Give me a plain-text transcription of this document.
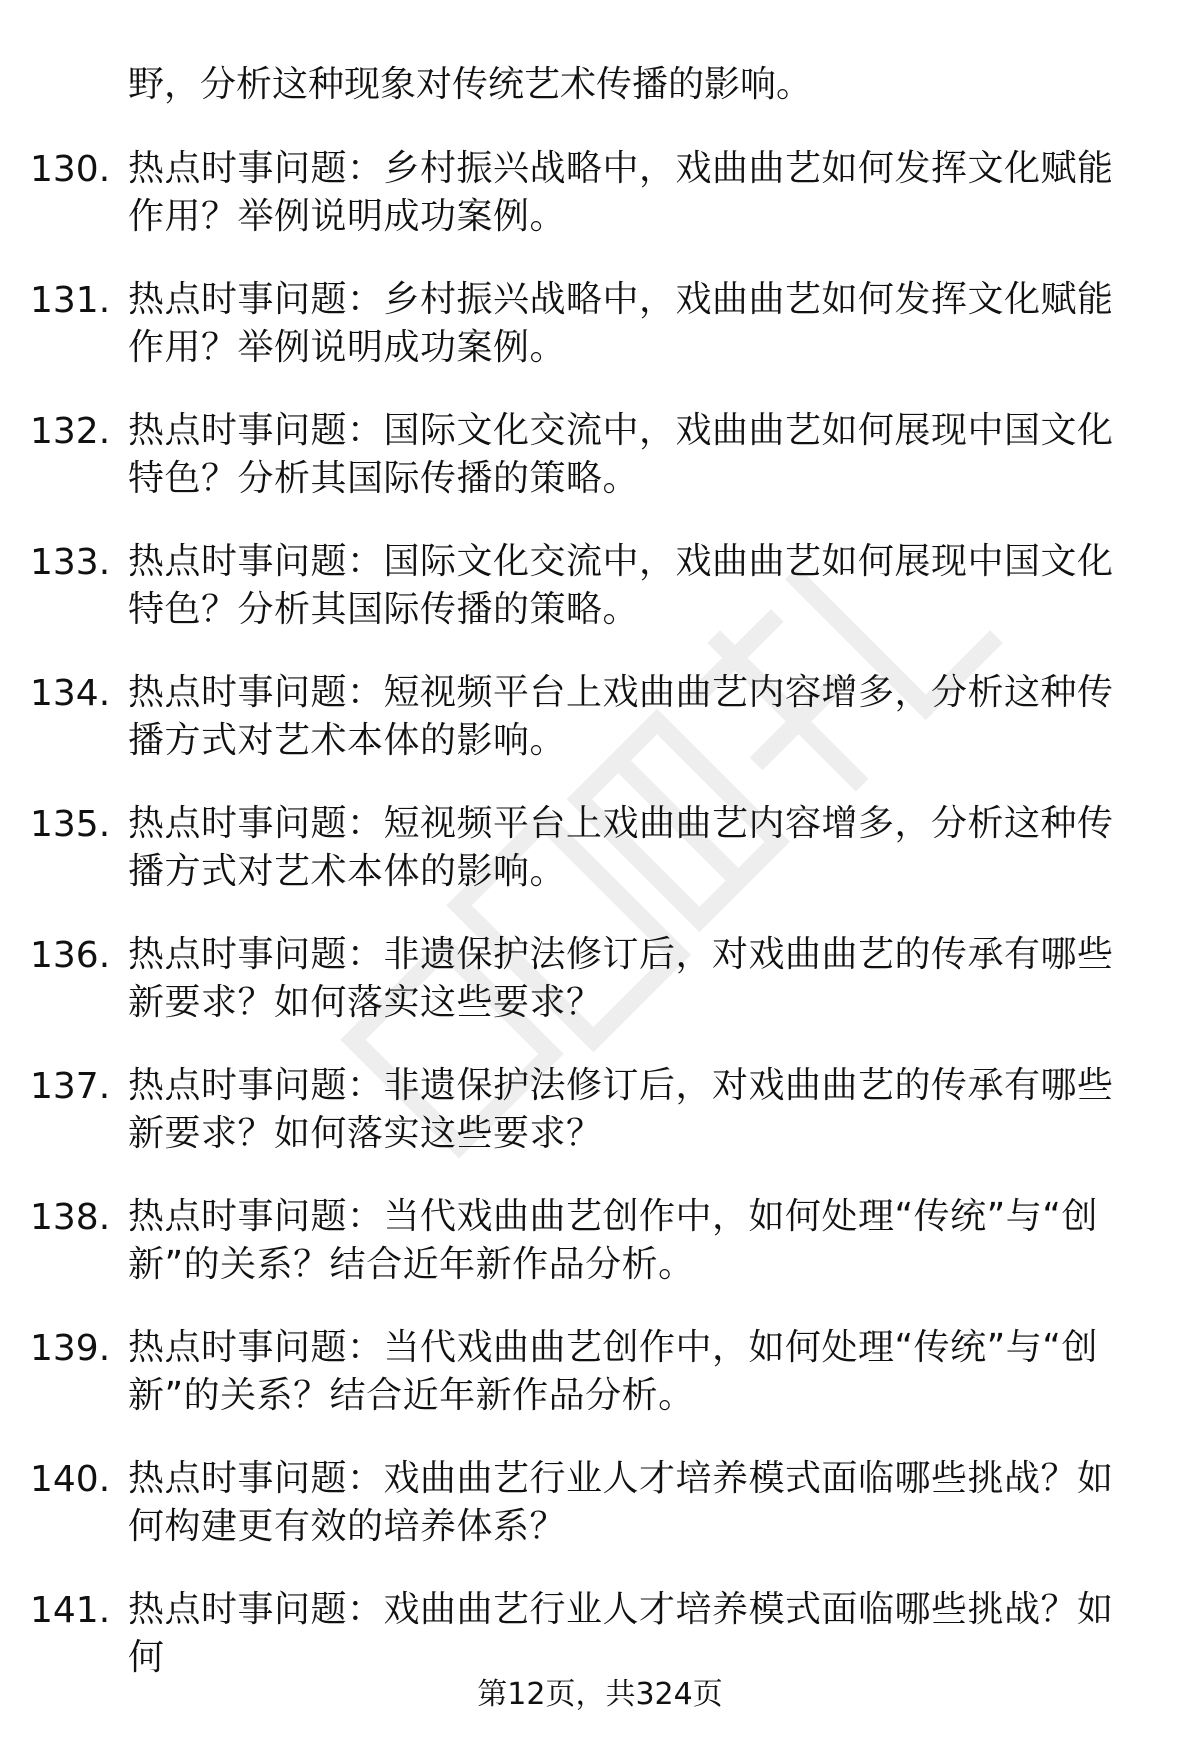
野，分析这种现象对传统艺术传播的影响。

130. 热点时事问题：乡村振兴战略中，戏曲曲艺如何发挥文化赋能作用？举例说明成功案例。
131. 热点时事问题：乡村振兴战略中，戏曲曲艺如何发挥文化赋能作用？举例说明成功案例。
132. 热点时事问题：国际文化交流中，戏曲曲艺如何展现中国文化特色？分析其国际传播的策略。
133. 热点时事问题：国际文化交流中，戏曲曲艺如何展现中国文化特色？分析其国际传播的策略。
134. 热点时事问题：短视频平台上戏曲曲艺内容增多，分析这种传播方式对艺术本体的影响。
135. 热点时事问题：短视频平台上戏曲曲艺内容增多，分析这种传播方式对艺术本体的影响。
136. 热点时事问题：非遗保护法修订后，对戏曲曲艺的传承有哪些新要求？如何落实这些要求？
137. 热点时事问题：非遗保护法修订后，对戏曲曲艺的传承有哪些新要求？如何落实这些要求？
138. 热点时事问题：当代戏曲曲艺创作中，如何处理“传统”与“创新”的关系？结合近年新作品分析。
139. 热点时事问题：当代戏曲曲艺创作中，如何处理“传统”与“创新”的关系？结合近年新作品分析。
140. 热点时事问题：戏曲曲艺行业人才培养模式面临哪些挑战？如何构建更有效的培养体系？
141. 热点时事问题：戏曲曲艺行业人才培养模式面临哪些挑战？如何
第12页，共324页
